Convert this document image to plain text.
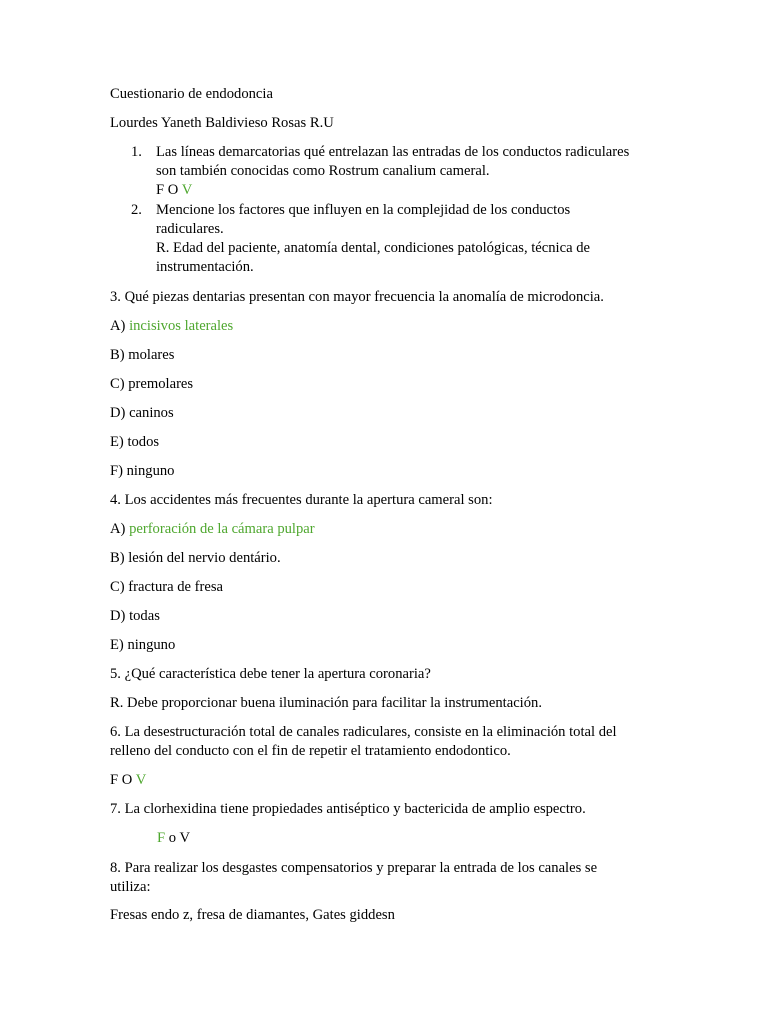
Cuestionario de endodoncia
Lourdes Yaneth Baldivieso Rosas R.U
1. Las líneas demarcatorias qué entrelazan las entradas de los conductos radiculares
son también conocidas como Rostrum canalium cameral.
F O V
2. Mencione los factores que influyen en la complejidad de los conductos
radiculares.
R. Edad del paciente, anatomía dental, condiciones patológicas, técnica de
instrumentación.
3. Qué piezas dentarias presentan con mayor frecuencia la anomalía de microdoncia.
A) incisivos laterales
B) molares
C) premolares
D) caninos
E) todos
F) ninguno
4. Los accidentes más frecuentes durante la apertura cameral son:
A) perforación de la cámara pulpar
B) lesión del nervio dentário.
C) fractura de fresa
D) todas
E) ninguno
5. ¿Qué característica debe tener la apertura coronaria?
R. Debe proporcionar buena iluminación para facilitar la instrumentación.
6. La desestructuración total de canales radiculares, consiste en la eliminación total del
relleno del conducto con el fin de repetir el tratamiento endodontico.
F O V
7. La clorhexidina tiene propiedades antiséptico y bactericida de amplio espectro.
F o V
8. Para realizar los desgastes compensatorios y preparar la entrada de los canales se
utiliza:
Fresas endo z, fresa de diamantes, Gates giddesn
